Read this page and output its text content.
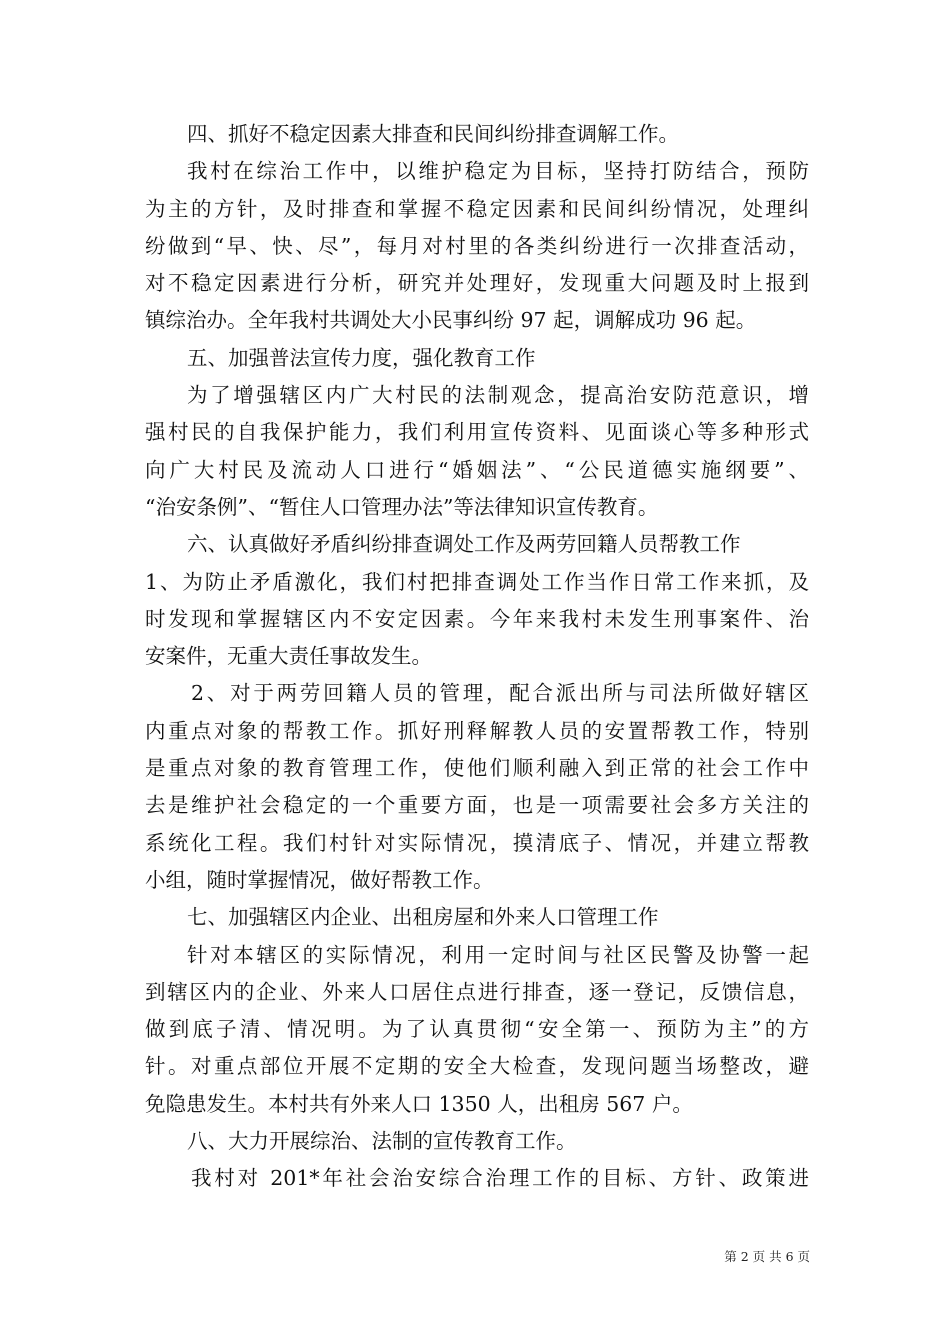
四、抓好不稳定因素大排查和民间纠纷排查调解工作。
我村在综治工作中，以维护稳定为目标，坚持打防结合，预防
为主的方针，及时排查和掌握不稳定因素和民间纠纷情况，处理纠
纷做到“早、快、尽”，每月对村里的各类纠纷进行一次排查活动，
对不稳定因素进行分析，研究并处理好，发现重大问题及时上报到
镇综治办。全年我村共调处大小民事纠纷 97 起，调解成功 96 起。
五、加强普法宣传力度，强化教育工作
为了增强辖区内广大村民的法制观念，提高治安防范意识，增
强村民的自我保护能力，我们利用宣传资料、见面谈心等多种形式
向广大村民及流动人口进行“婚姻法”、“公民道德实施纲要”、
“治安条例”、“暂住人口管理办法”等法律知识宣传教育。
六、认真做好矛盾纠纷排查调处工作及两劳回籍人员帮教工作
1、为防止矛盾激化，我们村把排查调处工作当作日常工作来抓，及
时发现和掌握辖区内不安定因素。今年来我村未发生刑事案件、治
安案件，无重大责任事故发生。
2、对于两劳回籍人员的管理，配合派出所与司法所做好辖区
内重点对象的帮教工作。抓好刑释解教人员的安置帮教工作，特别
是重点对象的教育管理工作，使他们顺利融入到正常的社会工作中
去是维护社会稳定的一个重要方面，也是一项需要社会多方关注的
系统化工程。我们村针对实际情况，摸清底子、情况，并建立帮教
小组，随时掌握情况，做好帮教工作。
七、加强辖区内企业、出租房屋和外来人口管理工作
针对本辖区的实际情况，利用一定时间与社区民警及协警一起
到辖区内的企业、外来人口居住点进行排查，逐一登记，反馈信息，
做到底子清、情况明。为了认真贯彻“安全第一、预防为主”的方
针。对重点部位开展不定期的安全大检查，发现问题当场整改，避
免隐患发生。本村共有外来人口 1350 人，出租房 567 户。
八、大力开展综治、法制的宣传教育工作。
我村对 201*年社会治安综合治理工作的目标、方针、政策进
第 2 页 共 6 页
